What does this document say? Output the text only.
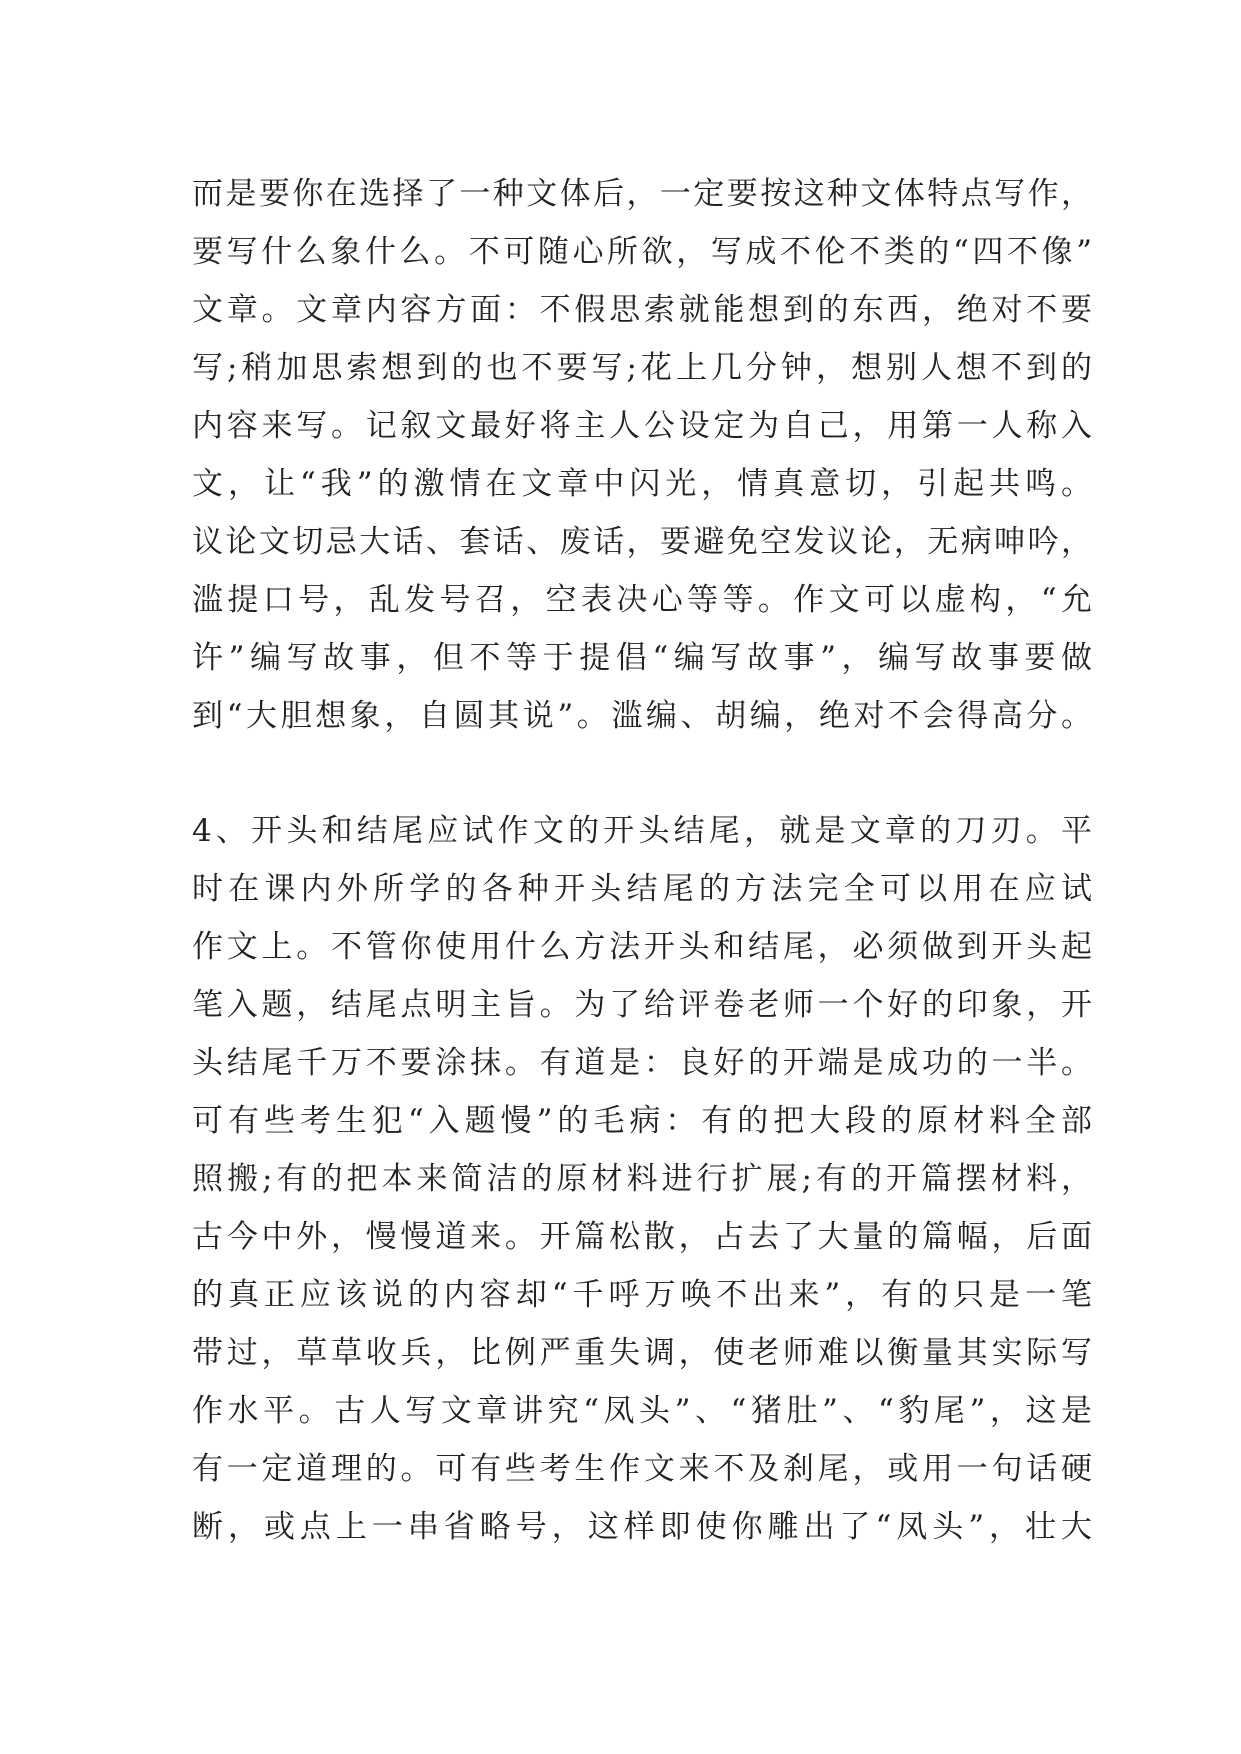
而是要你在选择了一种文体后，一定要按这种文体特点写作，
要写什么象什么。不可随心所欲，写成不伦不类的“四不像”
文章。文章内容方面：不假思索就能想到的东西，绝对不要
写;稍加思索想到的也不要写;花上几分钟，想别人想不到的
内容来写。记叙文最好将主人公设定为自己，用第一人称入
文，让“我”的激情在文章中闪光，情真意切，引起共鸣。
议论文切忌大话、套话、废话，要避免空发议论，无病呻吟，
滥提口号，乱发号召，空表决心等等。作文可以虚构，“允
许”编写故事，但不等于提倡“编写故事”，编写故事要做
到“大胆想象，自圆其说”。滥编、胡编，绝对不会得高分。
4、开头和结尾应试作文的开头结尾，就是文章的刀刃。平
时在课内外所学的各种开头结尾的方法完全可以用在应试
作文上。不管你使用什么方法开头和结尾，必须做到开头起
笔入题，结尾点明主旨。为了给评卷老师一个好的印象，开
头结尾千万不要涂抹。有道是：良好的开端是成功的一半。
可有些考生犯“入题慢”的毛病：有的把大段的原材料全部
照搬;有的把本来简洁的原材料进行扩展;有的开篇摆材料，
古今中外，慢慢道来。开篇松散，占去了大量的篇幅，后面
的真正应该说的内容却“千呼万唤不出来”，有的只是一笔
带过，草草收兵，比例严重失调，使老师难以衡量其实际写
作水平。古人写文章讲究“凤头”、“猪肚”、“豹尾”，这是
有一定道理的。可有些考生作文来不及刹尾，或用一句话硬
断，或点上一串省略号，这样即使你雕出了“凤头”，壮大
